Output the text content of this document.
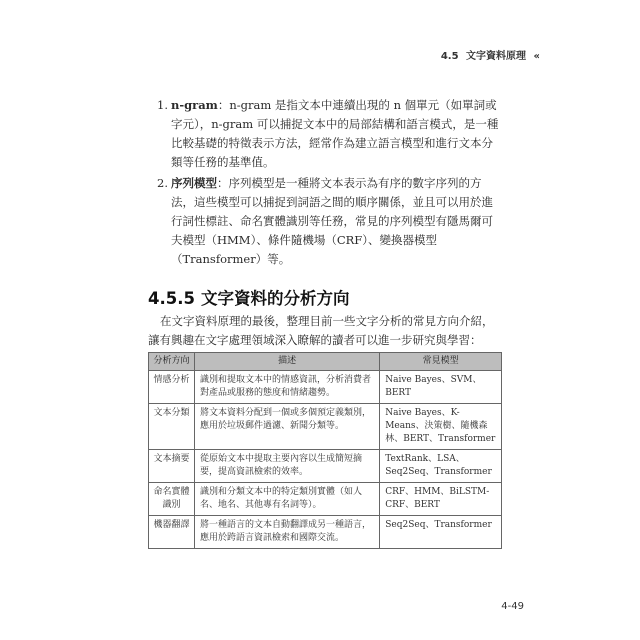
4.5 文字資料原理 «
1. n-gram：n-gram 是指文本中連續出現的 n 個單元（如單詞或字元），n-gram 可以捕捉文本中的局部結構和語言模式，是一種比較基礎的特徵表示方法，經常作為建立語言模型和進行文本分類等任務的基準值。

2. 序列模型：序列模型是一種將文本表示為有序的數字序列的方法，這些模型可以捕捉到詞語之間的順序關係，並且可以用於進行詞性標註、命名實體識別等任務，常見的序列模型有隱馬爾可夫模型（HMM）、條件隨機場（CRF）、變換器模型（Transformer）等。

4.5.5 文字資料的分析方向

在文字資料原理的最後，整理目前一些文字分析的常見方向介紹，讓有興趣在文字處理領域深入瞭解的讀者可以進一步研究與學習：

分析方向	描述	常見模型
情感分析	識別和提取文本中的情感資訊，分析消費者對產品或服務的態度和情緒趨勢。	Naive Bayes、SVM、BERT
文本分類	將文本資料分配到一個或多個預定義類別，應用於垃圾郵件過濾、新聞分類等。	Naive Bayes、K-Means、決策樹、隨機森林、BERT、Transformer
文本摘要	從原始文本中提取主要內容以生成簡短摘要，提高資訊檢索的效率。	TextRank、LSA、Seq2Seq、Transformer
命名實體識別	識別和分類文本中的特定類別實體（如人名、地名、其他專有名詞等）。	CRF、HMM、BiLSTM-CRF、BERT
機器翻譯	將一種語言的文本自動翻譯成另一種語言，應用於跨語言資訊檢索和國際交流。	Seq2Seq、Transformer
4-49
